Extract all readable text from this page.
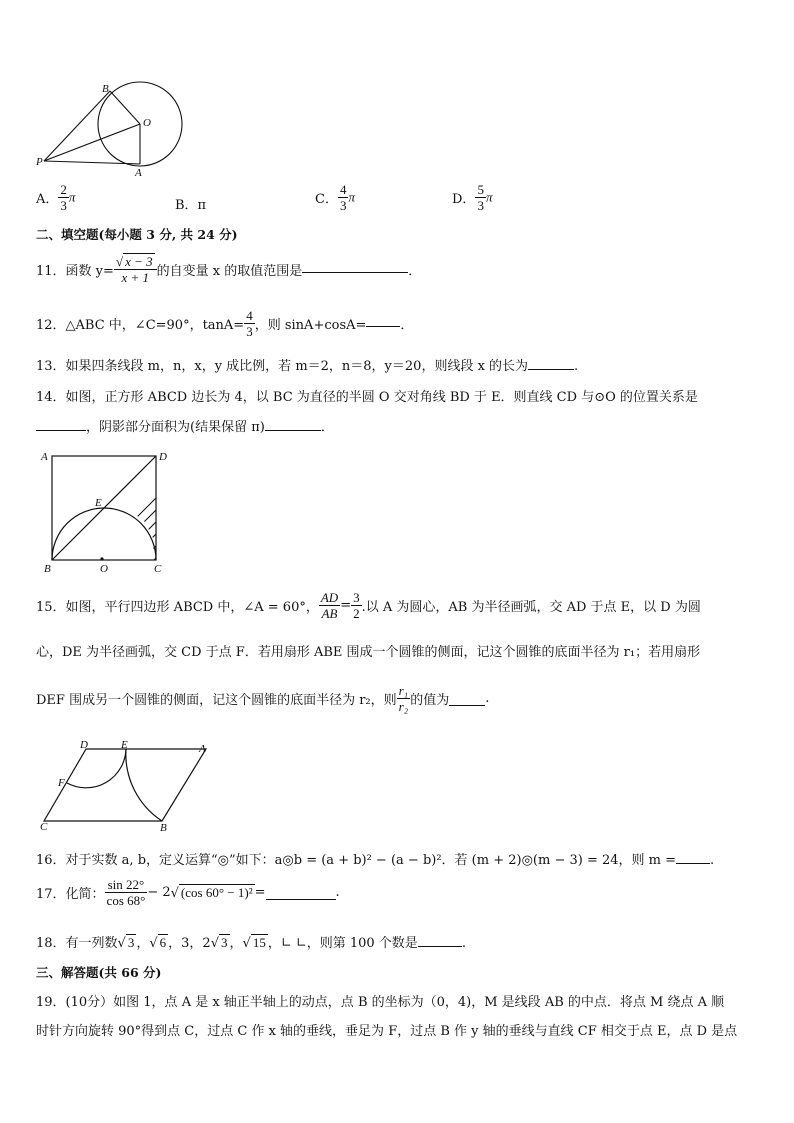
B
O
P
A
A． $\frac{2}{3}$ π
B．π	C． $\frac{4}{3}$ π	D． $\frac{5}{3}$ π
二、填空题(每小题 3 分, 共 24 分)
11．函数 $y= \frac{√ x - 3}{x + 1}$ 的自变量 x 的取值范围是	．
12．△ABC 中，∠C=90°，$\tan A= \frac{4}{3}$ ，则 sinA+cosA=	．
13．如果四条线段 m，n，x，y 成比例，若 m＝2，n＝8，y＝20，则线段 x 的长为	.
14．如图，正方形 ABCD 边长为 4，以 BC 为直径的半圆 O 交对角线 BD 于 E．则直线 CD 与⊙O 的位置关系是
，阴影部分面积为(结果保留 π)	．
A	D
E
B	O	C
15．如图，平行四边形 ABCD 中，∠A = 60°， $\frac{AD}{AB} = \frac{3}{2}$ .以 A 为圆心，AB 为半径画弧，交 AD 于点 E，以 D 为圆
心，DE 为半径画弧，交 CD 于点 F．若用扇形 ABE 围成一个圆锥的侧面，记这个圆锥的底面半径为 r₁；若用扇形
DEF 围成另一个圆锥的侧面，记这个圆锥的底面半径为 r₂，则 $\frac{\text{r₁}}{\text{r₂}}$ 的值为	.
D	E	A
F
C	B
16．对于实数 a, b，定义运算“◎”如下：a◎b = (a + b)² − (a − b)²．若 (m + 2)◎(m − 3) = 24，则 m =	.
17．化简： $\frac{\sin 22^\circ}{\cos 68^\circ} - 2√$ (cos 60° − 1)² =	.
18．有一列数√ 3 ，√ 6 ，3，2√ 3 ，√ 15 ，∟ ∟，则第 100 个数是	.
三、解答题(共 66 分)
19．(10分）如图 1，点 A 是 x 轴正半轴上的动点，点 B 的坐标为（0，4)，M 是线段 AB 的中点．将点 M 绕点 A 顺
时针方向旋转 90°得到点 C，过点 C 作 x 轴的垂线，垂足为 F，过点 B 作 y 轴的垂线与直线 CF 相交于点 E，点 D 是点
